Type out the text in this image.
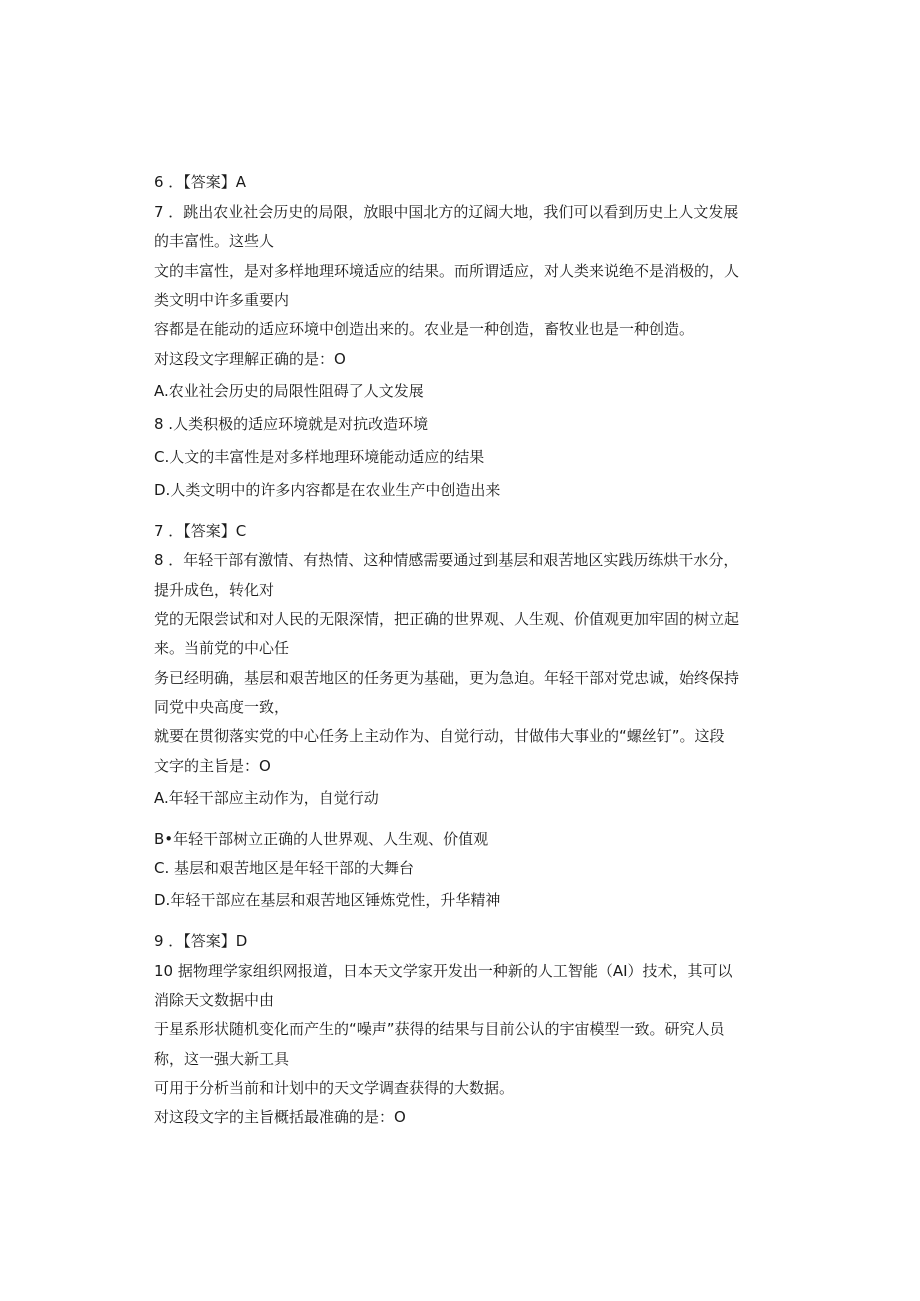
6 ．【答案】A
7 ．跳出农业社会历史的局限，放眼中国北方的辽阔大地，我们可以看到历史上人文发展
的丰富性。这些人
文的丰富性，是对多样地理环境适应的结果。而所谓适应，对人类来说绝不是消极的，人
类文明中许多重要内
容都是在能动的适应环境中创造出来的。农业是一种创造，畜牧业也是一种创造。
对这段文字理解正确的是：O
A.农业社会历史的局限性阻碍了人文发展
8 .人类积极的适应环境就是对抗改造环境
C.人文的丰富性是对多样地理环境能动适应的结果
D.人类文明中的许多内容都是在农业生产中创造出来
7 ．【答案】C
8 ．年轻干部有激情、有热情、这种情感需要通过到基层和艰苦地区实践历练烘干水分，
提升成色，转化对
党的无限尝试和对人民的无限深情，把正确的世界观、人生观、价值观更加牢固的树立起
来。当前党的中心任
务已经明确，基层和艰苦地区的任务更为基础，更为急迫。年轻干部对党忠诚，始终保持
同党中央高度一致，
就要在贯彻落实党的中心任务上主动作为、自觉行动，甘做伟大事业的“螺丝钉”。这段
文字的主旨是：O
A.年轻干部应主动作为，自觉行动
B•年轻干部树立正确的人世界观、人生观、价值观
C. 基层和艰苦地区是年轻干部的大舞台
D.年轻干部应在基层和艰苦地区锤炼党性，升华精神
9 ．【答案】D
10 据物理学家组织网报道，日本天文学家开发出一种新的人工智能（AI）技术，其可以
消除天文数据中由
于星系形状随机变化而产生的“噪声”获得的结果与目前公认的宇宙模型一致。研究人员
称，这一强大新工具
可用于分析当前和计划中的天文学调查获得的大数据。
对这段文字的主旨概括最准确的是：O
